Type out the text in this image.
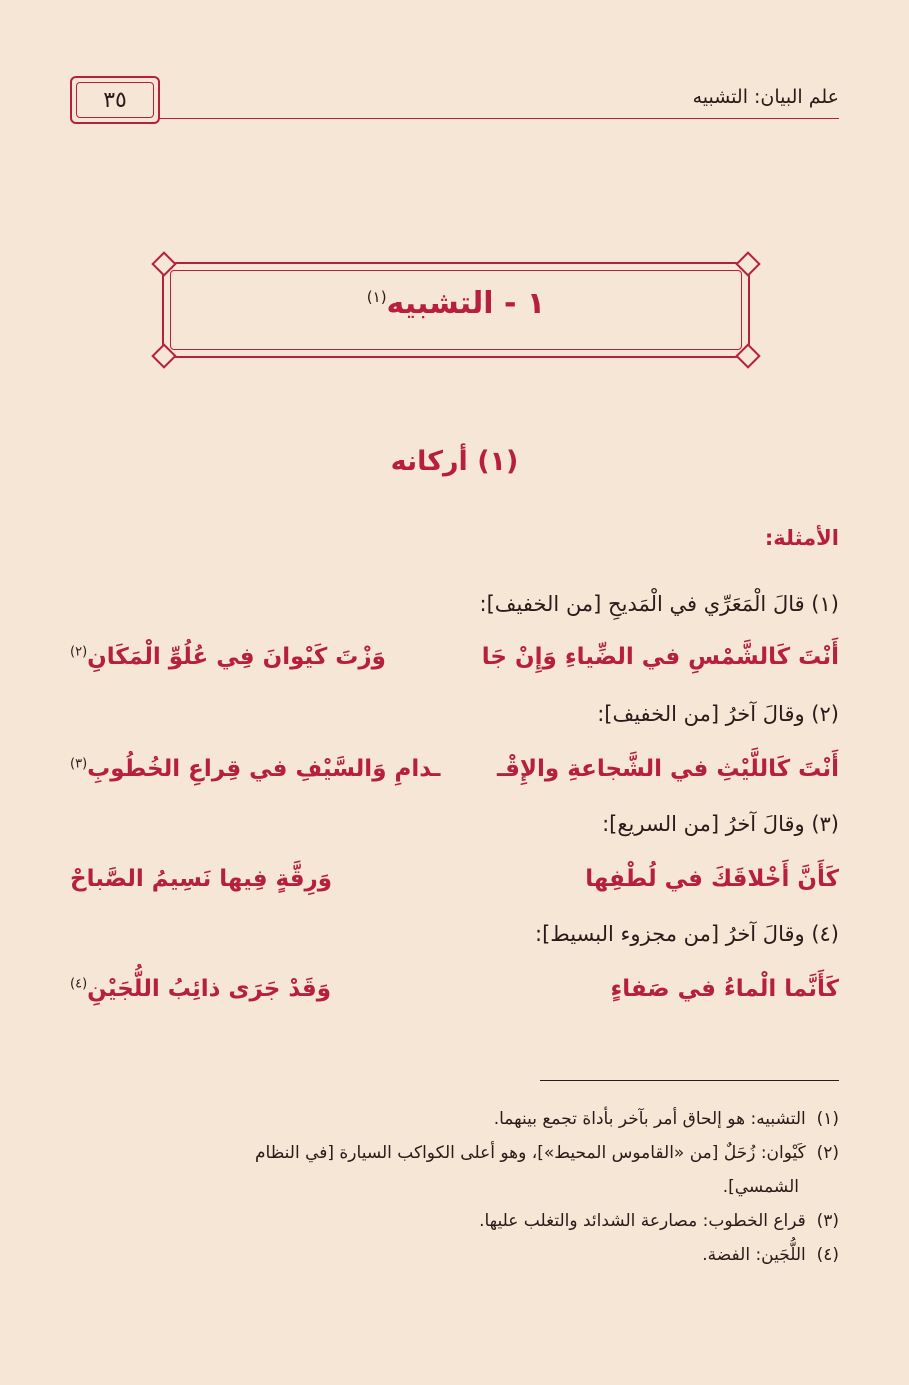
علم البيان: التشبيه
٣٥
١ - التشبيه$^{(١)}$
(١) أركانه
الأمثلة:
(١) قالَ الْمَعَرِّي في الْمَديحِ [من الخفيف]:
أَنْتَ كَالشَّمْسِ في الضِّياءِ وَإِنْ جَا
وَزْتَ كَيْوانَ فِي عُلُوِّ الْمَكَانِ$^{(٢)}$
(٢) وقالَ آخرُ [من الخفيف]:
أَنْتَ كَاللَّيْثِ في الشَّجاعةِ والإِقْـ
ـدامِ وَالسَّيْفِ في قِراعِ الخُطُوبِ$^{(٣)}$
(٣) وقالَ آخرُ [من السريع]:
كَأَنَّ أَخْلاقَكَ في لُطْفِها
وَرِقَّةٍ فِيها نَسِيمُ الصَّباحْ
(٤) وقالَ آخرُ [من مجزوء البسيط]:
كَأَنَّما الْماءُ في صَفاءٍ
وَقَدْ جَرَى ذائِبُ اللُّجَيْنِ$^{(٤)}$
(١)  التشبيه: هو إلحاق أمر بآخر بأداة تجمع بينهما.
(٢)  كَيْوان: زُحَلٌ [من «القاموس المحيط»]، وهو أعلى الكواكب السيارة [في النظام
الشمسي].
(٣)  قراع الخطوب: مصارعة الشدائد والتغلب عليها.
(٤)  اللُّجَين: الفضة.
